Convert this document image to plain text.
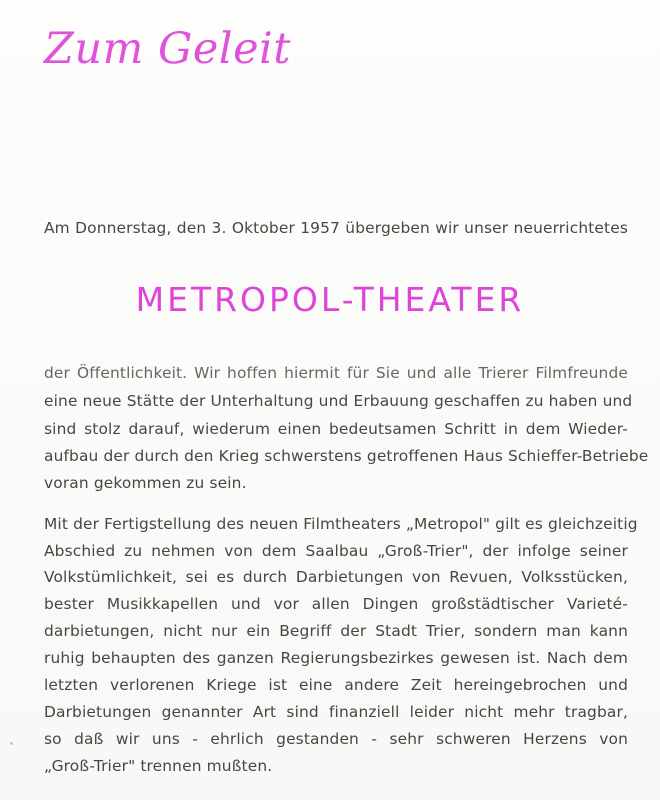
Zum Geleit
Am Donnerstag, den 3. Oktober 1957 übergeben wir unser neuerrichtetes
METROPOL-THEATER
der Öffentlichkeit. Wir hoffen hiermit für Sie und alle Trierer Filmfreunde
eine neue Stätte der Unterhaltung und Erbauung geschaffen zu haben und
sind stolz darauf, wiederum einen bedeutsamen Schritt in dem Wieder-
aufbau der durch den Krieg schwerstens getroffenen Haus Schieffer-Betriebe
voran gekommen zu sein.
Mit der Fertigstellung des neuen Filmtheaters „Metropol" gilt es gleichzeitig
Abschied zu nehmen von dem Saalbau „Groß-Trier", der infolge seiner
Volkstümlichkeit, sei es durch Darbietungen von Revuen, Volksstücken,
bester Musikkapellen und vor allen Dingen großstädtischer Varieté-
darbietungen, nicht nur ein Begriff der Stadt Trier, sondern man kann
ruhig behaupten des ganzen Regierungsbezirkes gewesen ist. Nach dem
letzten verlorenen Kriege ist eine andere Zeit hereingebrochen und
Darbietungen genannter Art sind finanziell leider nicht mehr tragbar,
so daß wir uns - ehrlich gestanden - sehr schweren Herzens von
„Groß-Trier" trennen mußten.
